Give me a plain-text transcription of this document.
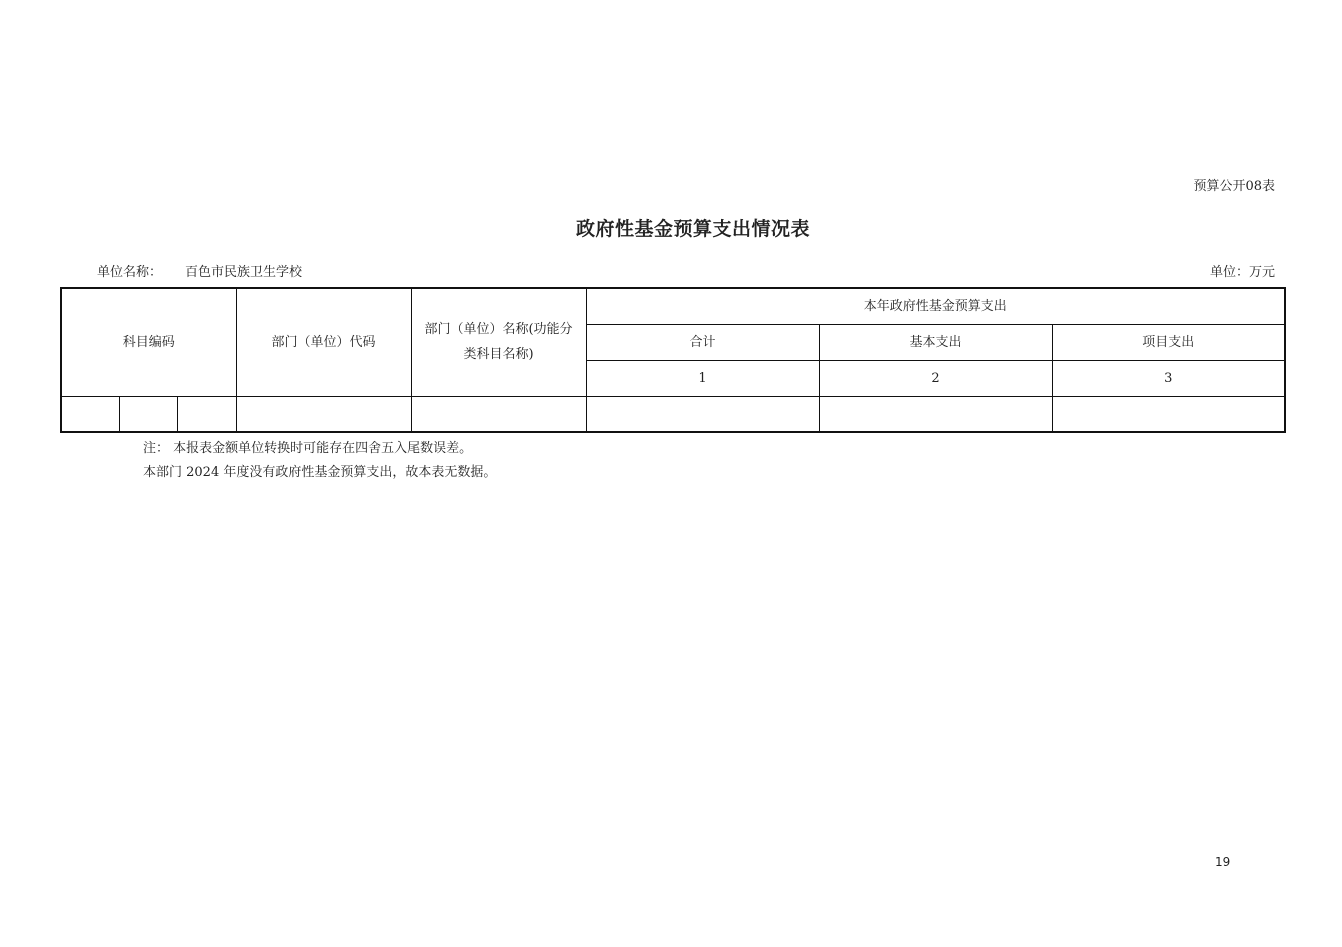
预算公开08表
政府性基金预算支出情况表
单位名称： 百色市民族卫生学校	单位：万元
科目编码			部门（单位）代码	部门（单位）名称(功能分类科目名称)	本年政府性基金预算支出		
					合计	基本支出	项目支出
					1	2	3

注： 本报表金额单位转换时可能存在四舍五入尾数误差。
本部门 2024 年度没有政府性基金预算支出，故本表无数据。
19
